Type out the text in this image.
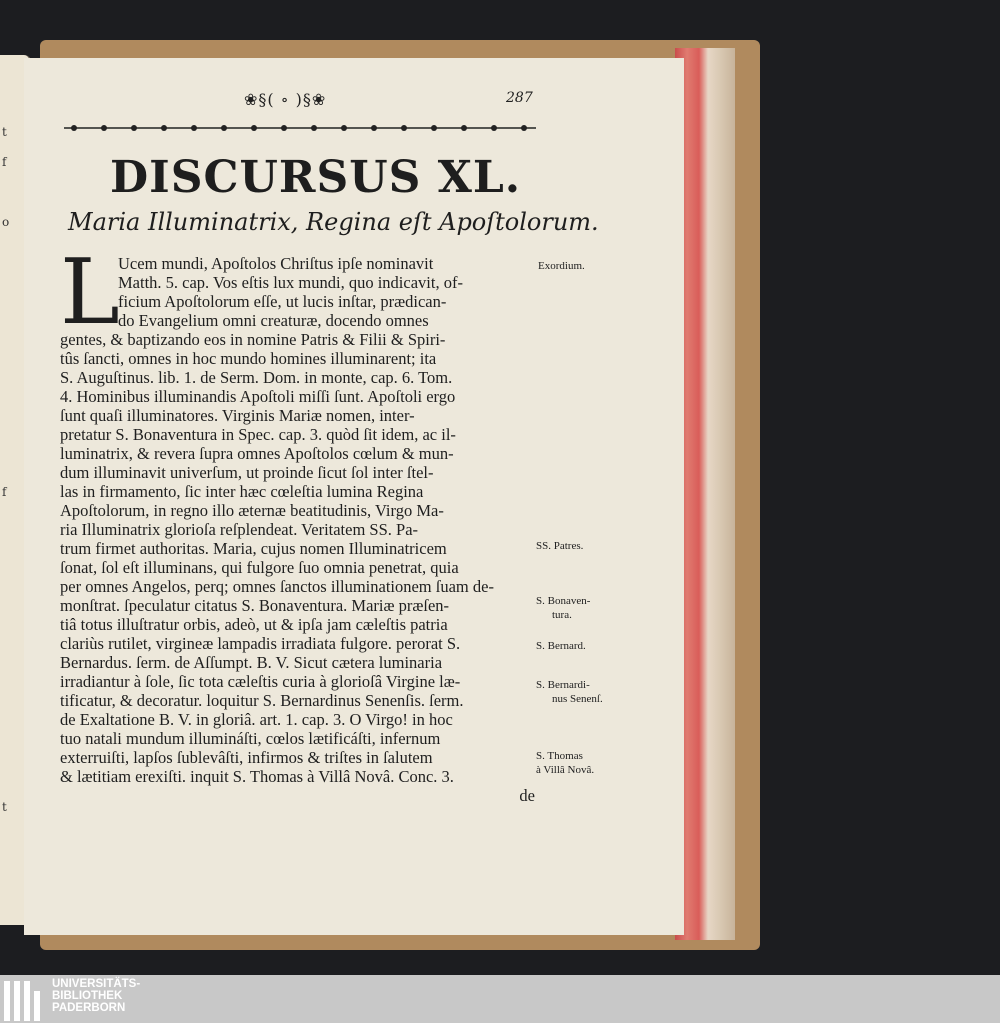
t
f
o
f
t
❀§( ∘ )§❀	287
DISCURSUS XL.
Maria Illuminatrix, Regina eſt Apoſtolorum.
L
Ucem mundi, Apoſtolos Chriſtus ipſe nominavit
Matth. 5. cap. Vos eſtis lux mundi, quo indicavit, of-
ficium Apoſtolorum eſſe, ut lucis inſtar, prædican-
do Evangelium omni creaturæ, docendo omnes
gentes, & baptizando eos in nomine Patris & Filii & Spiri-
tûs ſancti, omnes in hoc mundo homines illuminarent; ita
S. Auguſtinus. lib. 1. de Serm. Dom. in monte, cap. 6. Tom.
4. Hominibus illuminandis Apoſtoli miſſi ſunt. Apoſtoli ergo
ſunt quaſi illuminatores. Virginis Mariæ nomen, inter-
pretatur S. Bonaventura in Spec. cap. 3. quòd ſit idem, ac il-
luminatrix, & revera ſupra omnes Apoſtolos cœlum & mun-
dum illuminavit univerſum, ut proinde ſicut ſol inter ſtel-
las in firmamento, ſic inter hæc cœleſtia lumina Regina
Apoſtolorum, in regno illo æternæ beatitudinis, Virgo Ma-
ria Illuminatrix glorioſa reſplendeat. Veritatem SS. Pa-
trum firmet authoritas. Maria, cujus nomen Illuminatricem
ſonat, ſol eſt illuminans, qui fulgore ſuo omnia penetrat, quia
per omnes Angelos, perq; omnes ſanctos illuminationem ſuam de-
monſtrat. ſpeculatur citatus S. Bonaventura. Mariæ præſen-
tiâ totus illuſtratur orbis, adeò, ut & ipſa jam cæleſtis patria
clariùs rutilet, virgineæ lampadis irradiata fulgore. perorat S.
Bernardus. ſerm. de Aſſumpt. B. V. Sicut cætera luminaria
irradiantur à ſole, ſic tota cæleſtis curia à glorioſâ Virgine læ-
tificatur, & decoratur. loquitur S. Bernardinus Senenſis. ſerm.
de Exaltatione B. V. in gloriâ. art. 1. cap. 3. O Virgo! in hoc
tuo natali mundum illumináſti, cœlos lætificáſti, infernum
exterruiſti, lapſos ſublevâſti, infirmos & triſtes in ſalutem
& lætitiam erexiſti. inquit S. Thomas à Villâ Novâ. Conc. 3.
de
Exordium.
SS. Patres.
S. Bonaven-
tura.
S. Bernard.
S. Bernardi-
nus Senenſ.
S. Thomas
à Villâ Novâ.
UNIVERSITÄTS-
BIBLIOTHEK
PADERBORN
